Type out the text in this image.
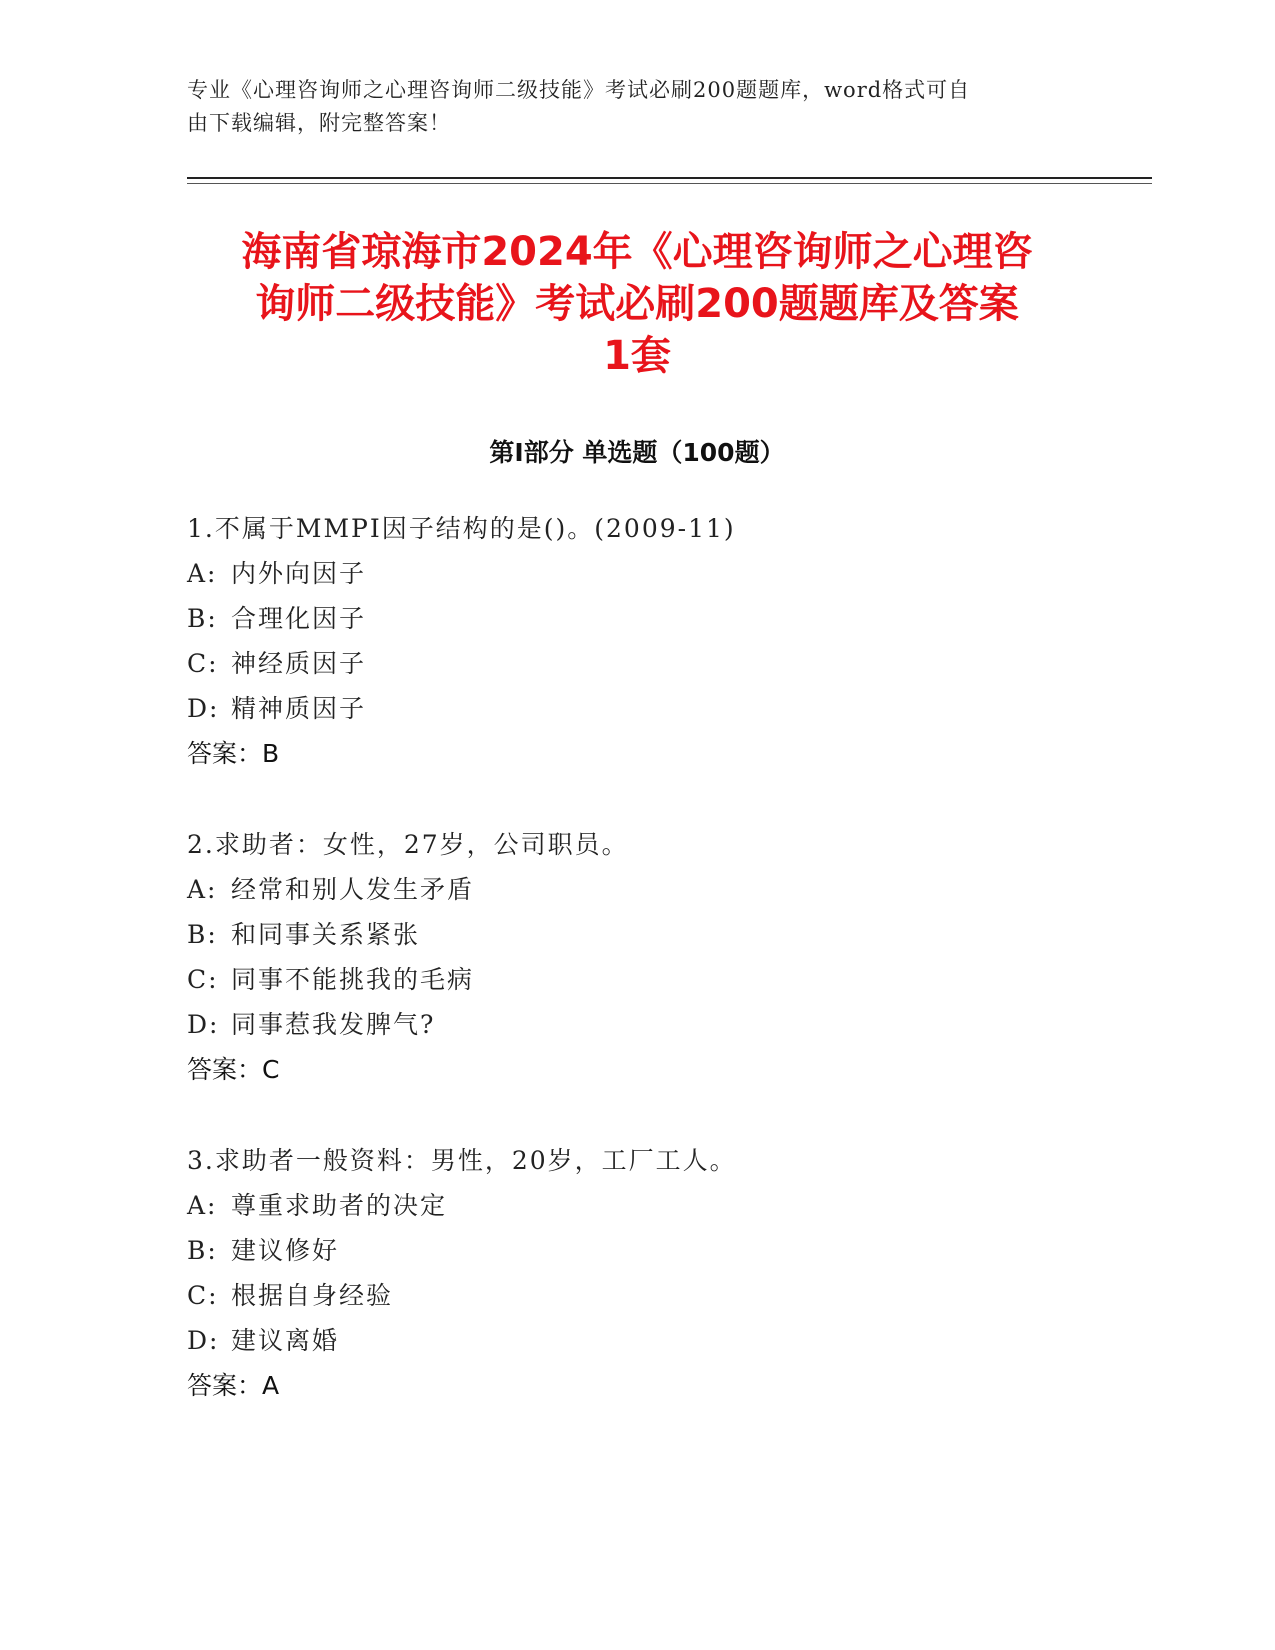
专业《心理咨询师之心理咨询师二级技能》考试必刷200题题库，word格式可自
由下载编辑，附完整答案！
海南省琼海市2024年《心理咨询师之心理咨
询师二级技能》考试必刷200题题库及答案
1套
第Ⅰ部分 单选题（100题）
1.不属于MMPI因子结构的是()。(2009-11)
A: 内外向因子
B: 合理化因子
C: 神经质因子
D: 精神质因子
答案：B
2.求助者：女性，27岁，公司职员。
A: 经常和别人发生矛盾
B: 和同事关系紧张
C: 同事不能挑我的毛病
D: 同事惹我发脾气?
答案：C
3.求助者一般资料：男性，20岁，工厂工人。
A: 尊重求助者的决定
B: 建议修好
C: 根据自身经验
D: 建议离婚
答案：A
